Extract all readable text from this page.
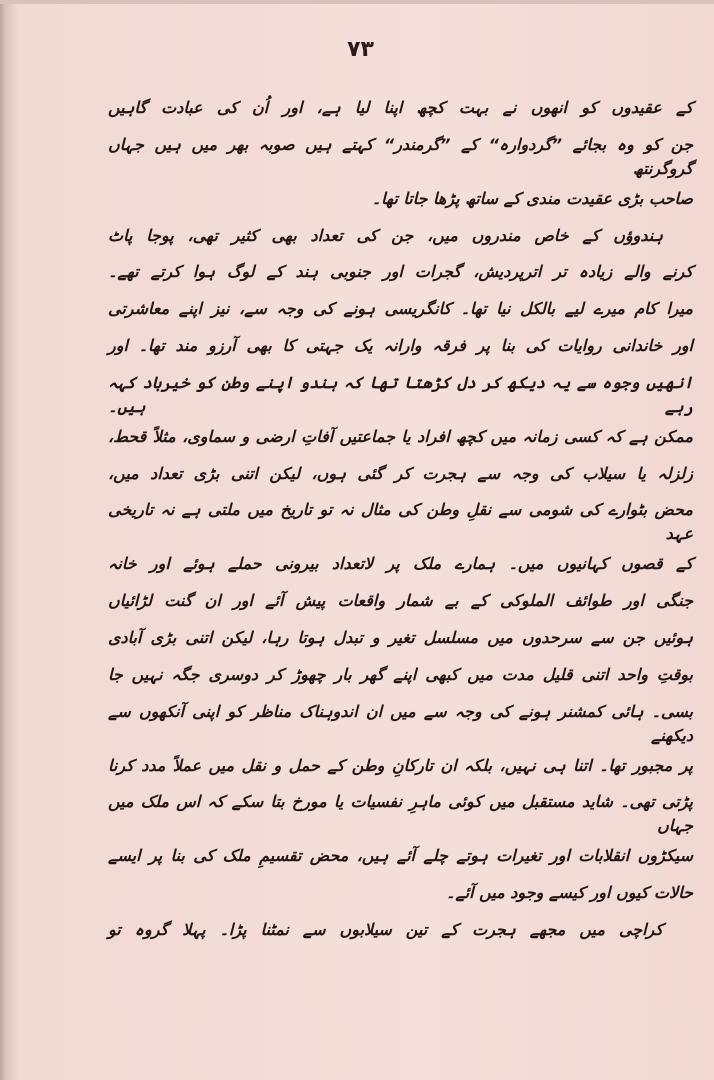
۷۳
کے عقیدوں کو انھوں نے بہت کچھ اپنا لیا ہے، اور اُن کی عبادت گاہیں
جن کو وہ بجائے ”گردوارہ“ کے ”گرمندر“ کہتے ہیں صوبہ بھر میں ہیں جہاں گروگرنتھ
صاحب بڑی عقیدت مندی کے ساتھ پڑھا جاتا تھا۔
ہندوؤں کے خاص مندروں میں، جن کی تعداد بھی کثیر تھی، پوجا پاٹ
کرنے والے زیادہ تر اترپردیش، گجرات اور جنوبی ہند کے لوگ ہوا کرتے تھے۔
میرا کام میرے لیے بالکل نیا تھا۔ کانگریسی ہونے کی وجہ سے، نیز اپنے معاشرتی
اور خاندانی روایات کی بنا پر فرقہ وارانہ یک جہتی کا بھی آرزو مند تھا۔ اور
انھیں وجوہ سے یہ دیکھ کر دل کڑھتا تھا کہ ہندو اپنے وطن کو خیرباد کہہ رہے ہیں۔
ممکن ہے کہ کسی زمانہ میں کچھ افراد یا جماعتیں آفاتِ ارضی و سماوی، مثلاً قحط،
زلزلہ یا سیلاب کی وجہ سے ہجرت کر گئی ہوں، لیکن اتنی بڑی تعداد میں،
محض بٹوارے کی شومی سے نقلِ وطن کی مثال نہ تو تاریخ میں ملتی ہے نہ تاریخی عہد
کے قصوں کہانیوں میں۔ ہمارے ملک پر لاتعداد بیرونی حملے ہوئے اور خانہ
جنگی اور طوائف الملوکی کے بے شمار واقعات پیش آئے اور ان گنت لڑائیاں
ہوئیں جن سے سرحدوں میں مسلسل تغیر و تبدل ہوتا رہا، لیکن اتنی بڑی آبادی
بوقتِ واحد اتنی قلیل مدت میں کبھی اپنے گھر بار چھوڑ کر دوسری جگہ نہیں جا
بسی۔ ہائی کمشنر ہونے کی وجہ سے میں ان اندوہناک مناظر کو اپنی آنکھوں سے دیکھنے
پر مجبور تھا۔ اتنا ہی نہیں، بلکہ ان تارکانِ وطن کے حمل و نقل میں عملاً مدد کرنا
پڑتی تھی۔ شاید مستقبل میں کوئی ماہرِ نفسیات یا مورخ بتا سکے کہ اس ملک میں جہاں
سیکڑوں انقلابات اور تغیرات ہوتے چلے آئے ہیں، محض تقسیمِ ملک کی بنا پر ایسے
حالات کیوں اور کیسے وجود میں آئے۔
کراچی میں مجھے ہجرت کے تین سیلابوں سے نمٹنا پڑا۔ پہلا گروہ تو
